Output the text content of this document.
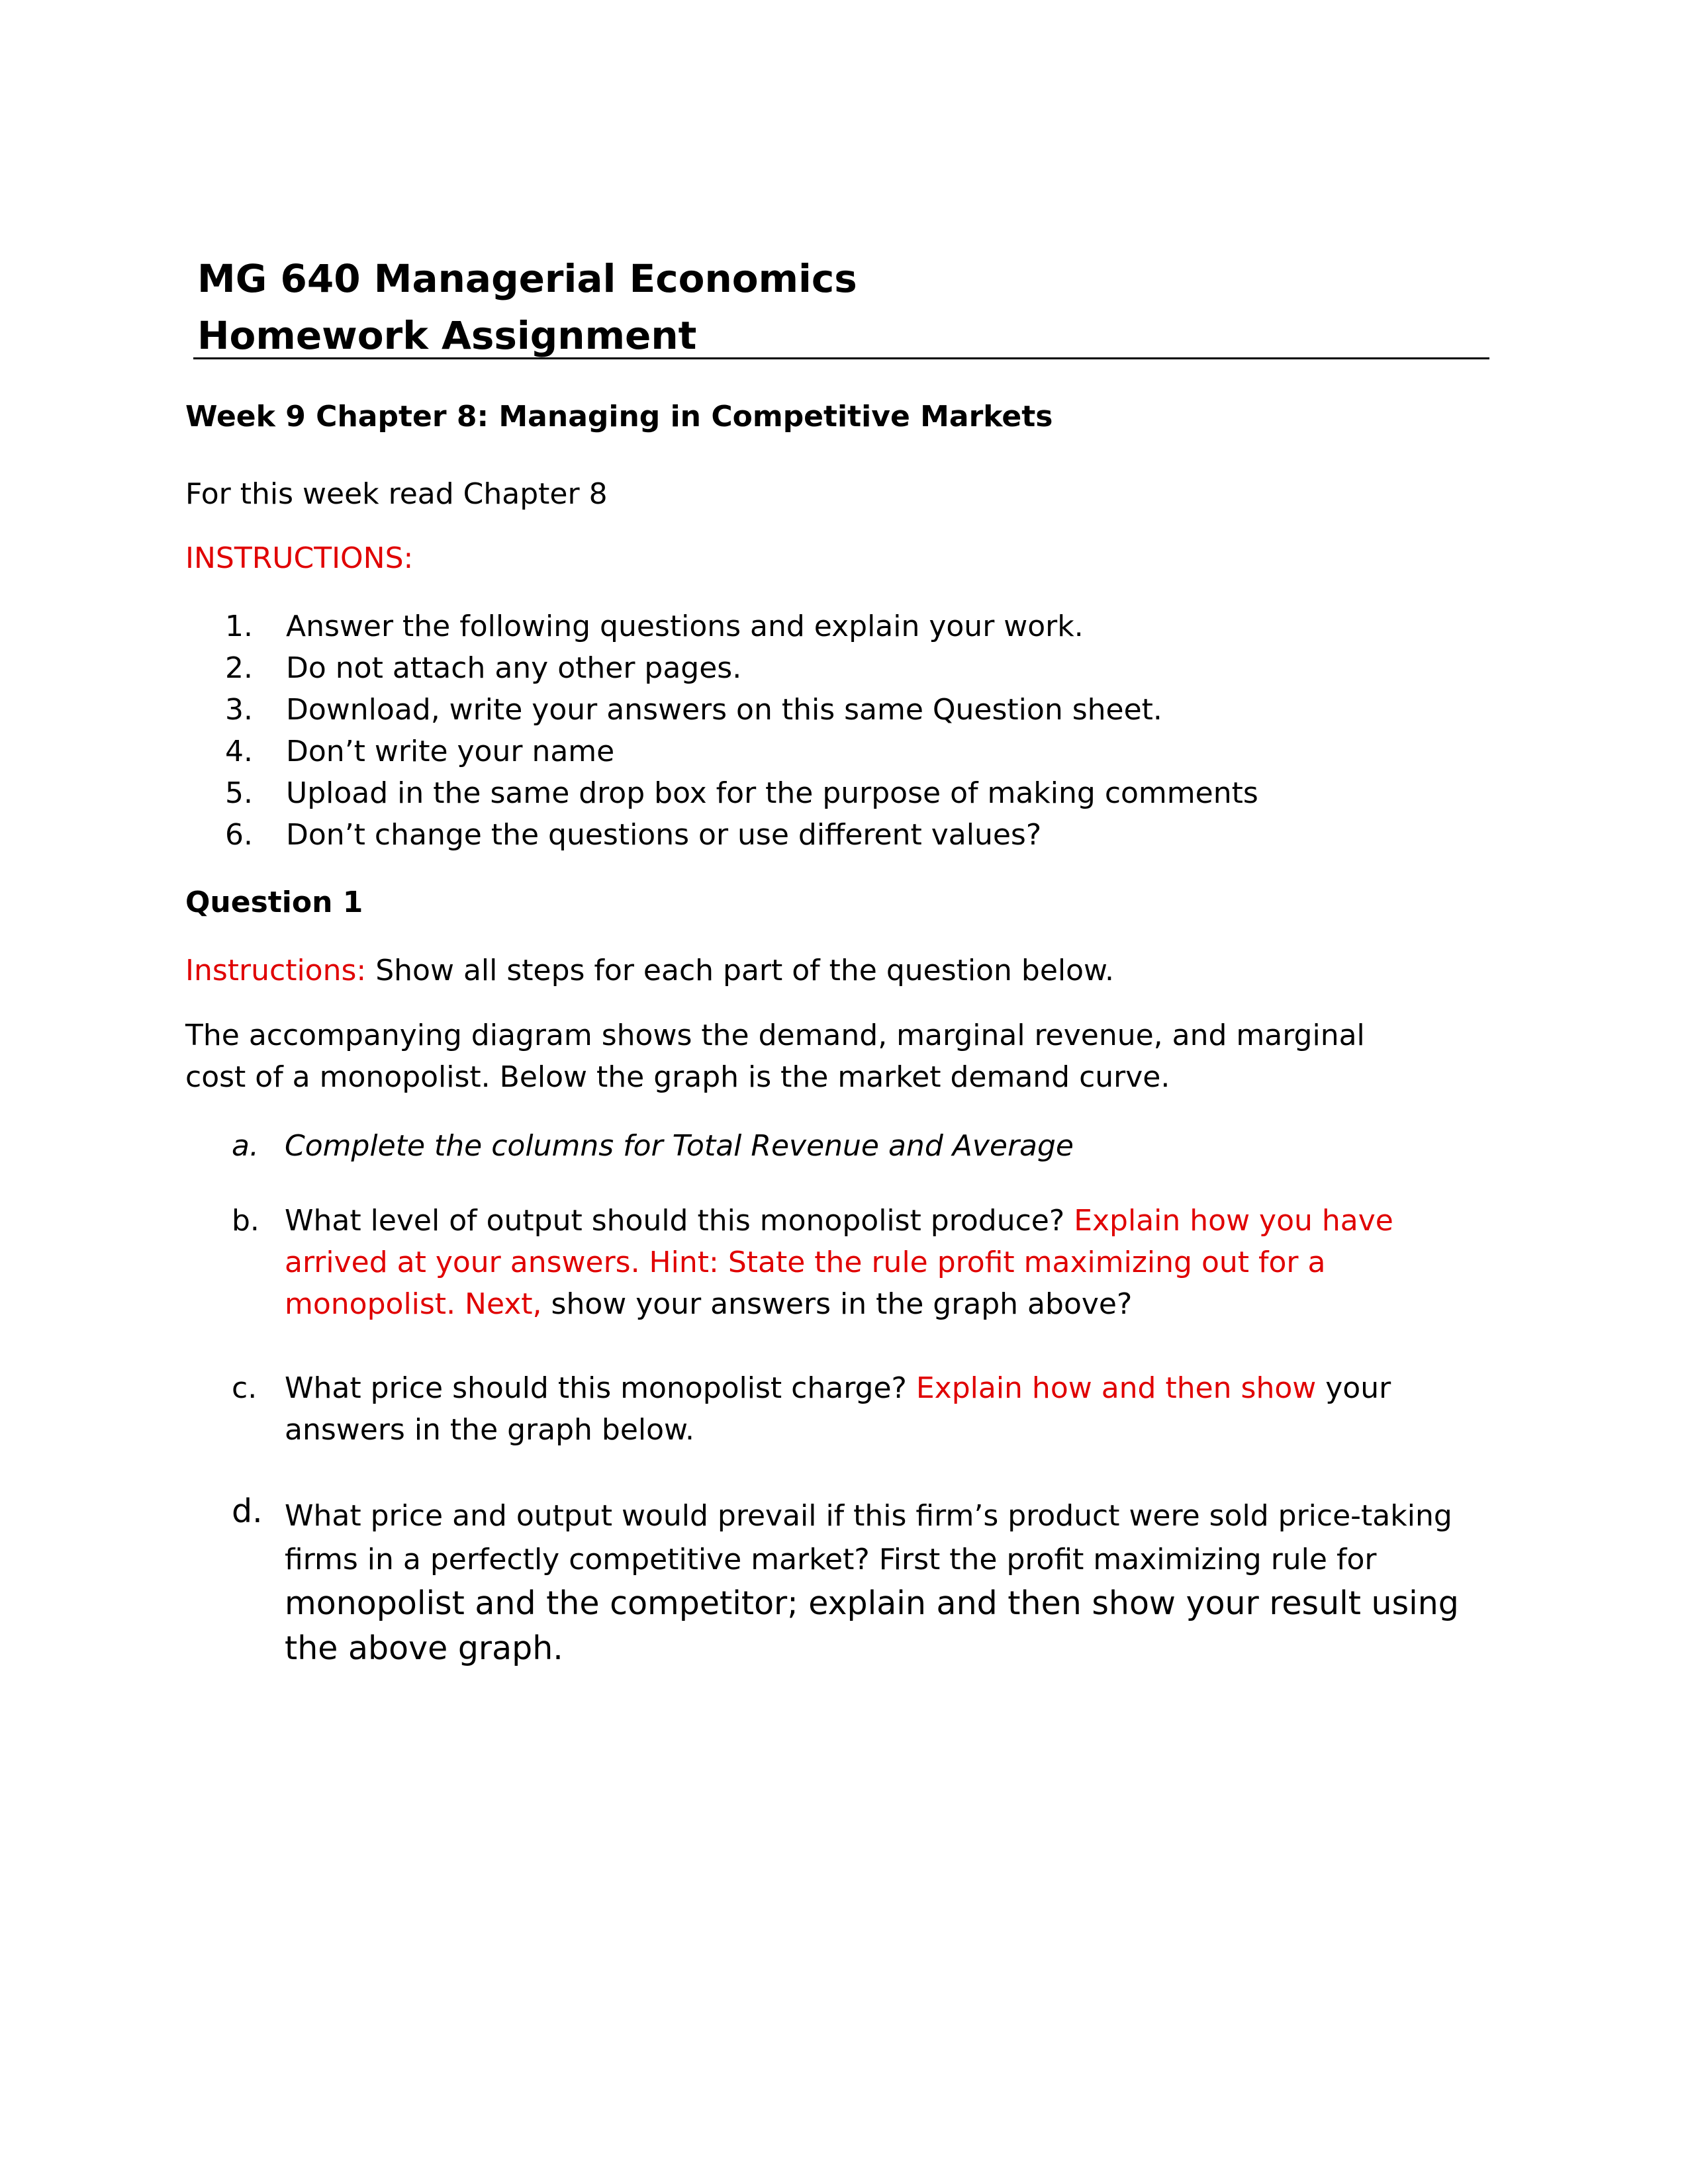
MG 640 Managerial Economics
Homework Assignment
Week 9 Chapter 8: Managing in Competitive Markets
For this week read Chapter 8
INSTRUCTIONS:
1. Answer the following questions and explain your work.
2. Do not attach any other pages.
3. Download, write your answers on this same Question sheet.
4. Don’t write your name
5. Upload in the same drop box for the purpose of making comments
6. Don’t change the questions or use different values?
Question 1
Instructions: Show all steps for each part of the question below.
The accompanying diagram shows the demand, marginal revenue, and marginal cost of a monopolist. Below the graph is the market demand curve.
a. Complete the columns for Total Revenue and Average
b. What level of output should this monopolist produce? Explain how you have arrived at your answers. Hint: State the rule profit maximizing out for a monopolist. Next, show your answers in the graph above?
c. What price should this monopolist charge? Explain how and then show your answers in the graph below.
d. What price and output would prevail if this firm’s product were sold price-taking firms in a perfectly competitive market? First the profit maximizing rule for monopolist and the competitor; explain and then show your result using the above graph.
